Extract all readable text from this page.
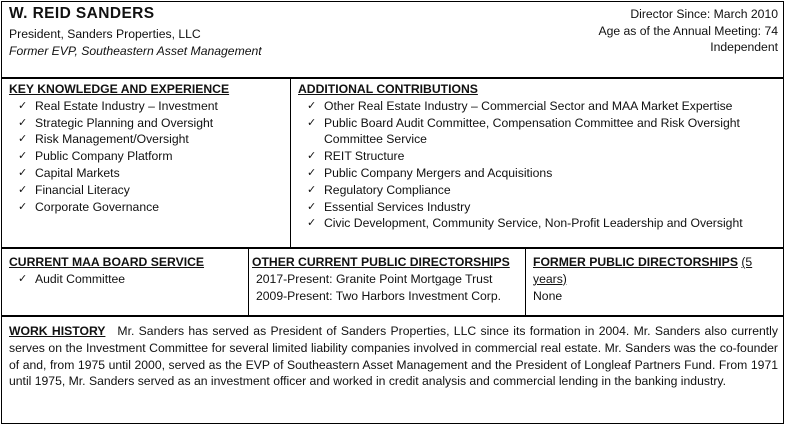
W. REID SANDERS
President, Sanders Properties, LLC
Former EVP, Southeastern Asset Management
Director Since: March 2010
Age as of the Annual Meeting: 74
Independent
KEY KNOWLEDGE AND EXPERIENCE
✓ Real Estate Industry – Investment
✓ Strategic Planning and Oversight
✓ Risk Management/Oversight
✓ Public Company Platform
✓ Capital Markets
✓ Financial Literacy
✓ Corporate Governance
ADDITIONAL CONTRIBUTIONS
✓ Other Real Estate Industry – Commercial Sector and MAA Market Expertise
✓ Public Board Audit Committee, Compensation Committee and Risk Oversight Committee Service
✓ REIT Structure
✓ Public Company Mergers and Acquisitions
✓ Regulatory Compliance
✓ Essential Services Industry
✓ Civic Development, Community Service, Non-Profit Leadership and Oversight
CURRENT MAA BOARD SERVICE
✓ Audit Committee
OTHER CURRENT PUBLIC DIRECTORSHIPS
2017-Present: Granite Point Mortgage Trust
2009-Present: Two Harbors Investment Corp.
FORMER PUBLIC DIRECTORSHIPS (5 years)
None
WORK HISTORY Mr. Sanders has served as President of Sanders Properties, LLC since its formation in 2004. Mr. Sanders also currently serves on the Investment Committee for several limited liability companies involved in commercial real estate. Mr. Sanders was the co-founder of and, from 1975 until 2000, served as the EVP of Southeastern Asset Management and the President of Longleaf Partners Fund. From 1971 until 1975, Mr. Sanders served as an investment officer and worked in credit analysis and commercial lending in the banking industry.
